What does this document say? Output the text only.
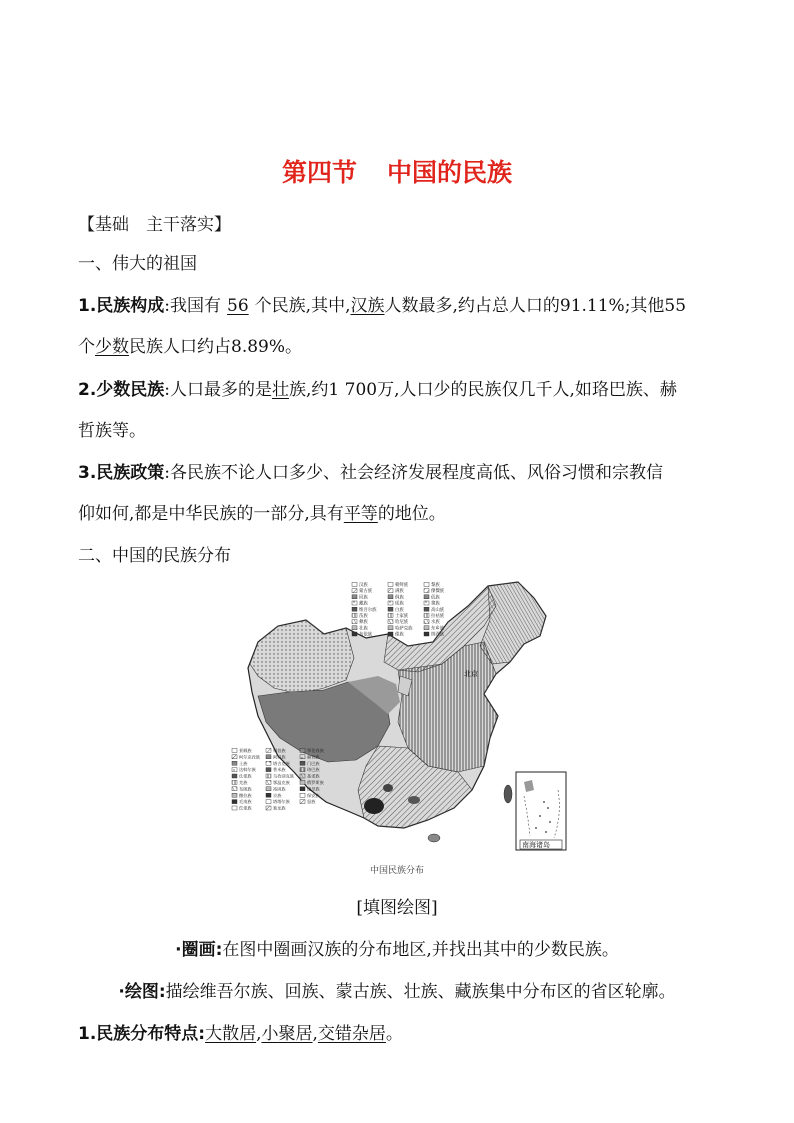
第四节 中国的民族
【基础　主干落实】
一、伟大的祖国
1.民族构成:我国有 56 个民族,其中,汉族人数最多,约占总人口的91.11%;其他55
个少数民族人口约占8.89%。
2.少数民族:人口最多的是壮族,约1 700万,人口少的民族仅几千人,如珞巴族、赫
哲族等。
3.民族政策:各民族不论人口多少、社会经济发展程度高低、风俗习惯和宗教信
仰如何,都是中华民族的一部分,具有平等的地位。
二、中国的民族分布
北京
汉族
蒙古族
回族
藏族
维吾尔族
苗族
彝族
壮族
布依族
朝鲜族
满族
侗族
瑶族
白族
土家族
哈尼族
哈萨克族
傣族
黎族
傈僳族
佤族
畲族
高山族
拉祜族
水族
东乡族
纳西族
景颇族
柯尔克孜族
土族
达斡尔族
仫佬族
羌族
布朗族
撒拉族
毛南族
仡佬族
锡伯族
阿昌族
塔吉克族
普米族
乌孜别克族
鄂温克族
裕固族
京族
塔塔尔族
独龙族
鄂伦春族
赫哲族
门巴族
珞巴族
基诺族
俄罗斯族
德昂族
保安族
怒族
南海诸岛
中国民族分布
[填图绘图]
·圈画:在图中圈画汉族的分布地区,并找出其中的少数民族。
·绘图:描绘维吾尔族、回族、蒙古族、壮族、藏族集中分布区的省区轮廓。
1.民族分布特点:大散居,小聚居,交错杂居。
